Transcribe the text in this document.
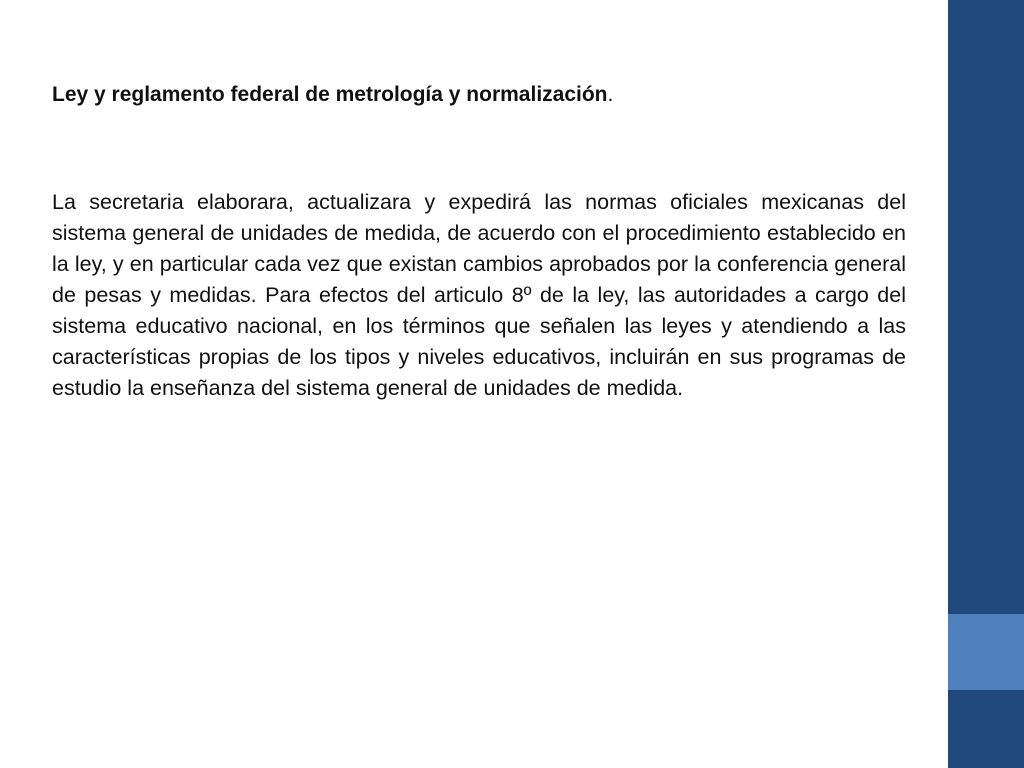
Ley y reglamento federal de metrología y normalización.

La secretaria elaborara, actualizara y expedirá las normas oficiales mexicanas del sistema general de unidades de medida, de acuerdo con el procedimiento establecido en la ley, y en particular cada vez que existan cambios aprobados por la conferencia general de pesas y medidas. Para efectos del articulo 8º de la ley, las autoridades a cargo del sistema educativo nacional, en los términos que señalen las leyes y atendiendo a las características propias de los tipos y niveles educativos, incluirán en sus programas de estudio la enseñanza del sistema general de unidades de medida.
